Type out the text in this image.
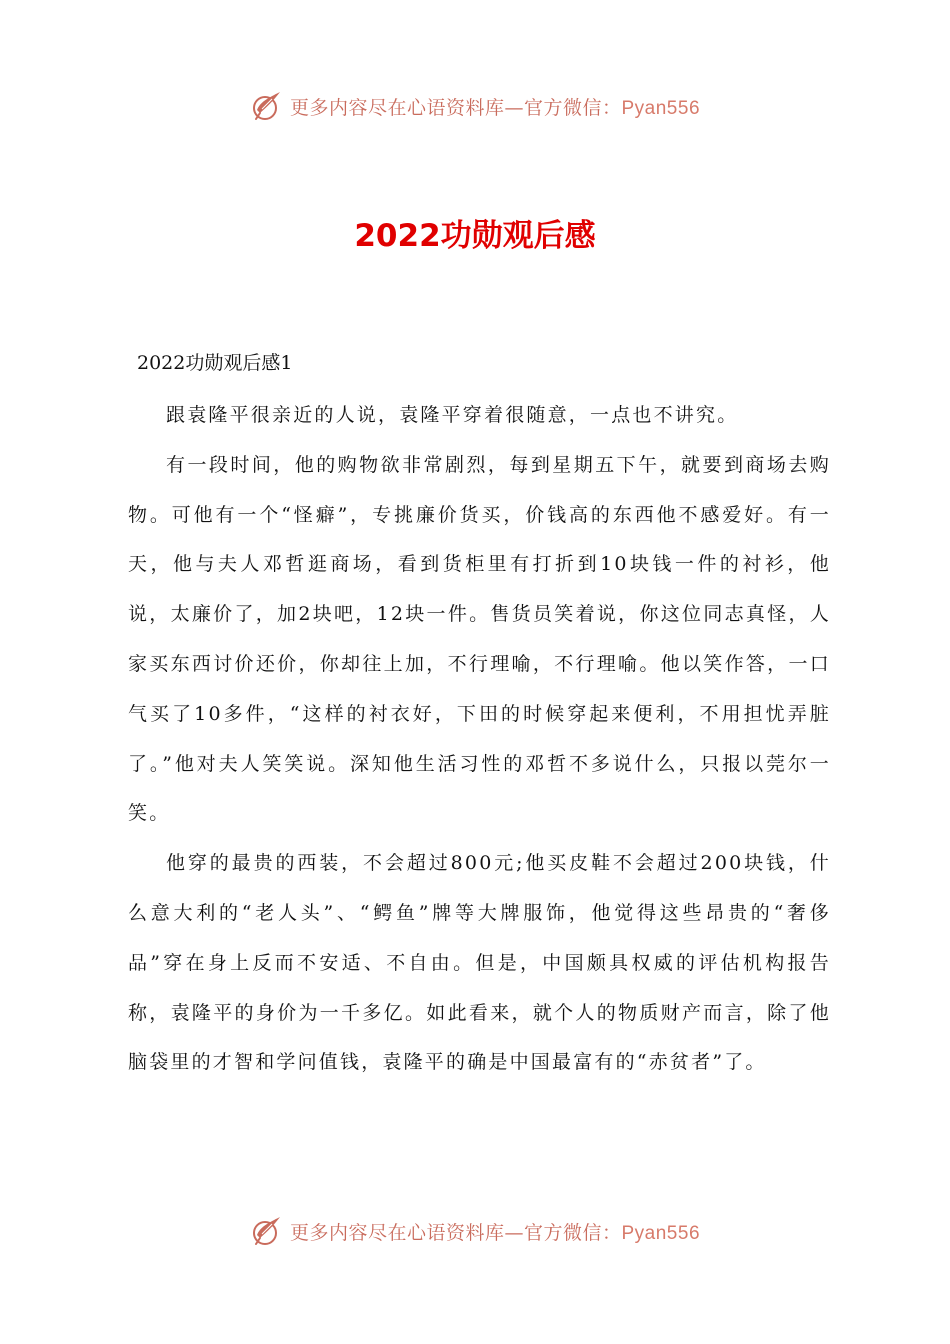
更多内容尽在心语资料库—官方微信：Pyan556
2022功勋观后感
2022功勋观后感1

跟袁隆平很亲近的人说，袁隆平穿着很随意，一点也不讲究。

有一段时间，他的购物欲非常剧烈，每到星期五下午，就要到商场去购物。可他有一个“怪癖”，专挑廉价货买，价钱高的东西他不感爱好。有一天，他与夫人邓哲逛商场，看到货柜里有打折到10块钱一件的衬衫，他说，太廉价了，加2块吧，12块一件。售货员笑着说，你这位同志真怪，人家买东西讨价还价，你却往上加，不行理喻，不行理喻。他以笑作答，一口气买了10多件，“这样的衬衣好，下田的时候穿起来便利，不用担忧弄脏了。”他对夫人笑笑说。深知他生活习性的邓哲不多说什么，只报以莞尔一笑。

他穿的最贵的西装，不会超过800元;他买皮鞋不会超过200块钱，什么意大利的“老人头”、“鳄鱼”牌等大牌服饰，他觉得这些昂贵的“奢侈品”穿在身上反而不安适、不自由。但是，中国颇具权威的评估机构报告称，袁隆平的身价为一千多亿。如此看来，就个人的物质财产而言，除了他脑袋里的才智和学问值钱，袁隆平的确是中国最富有的“赤贫者”了。

更多内容尽在心语资料库—官方微信：Pyan556
